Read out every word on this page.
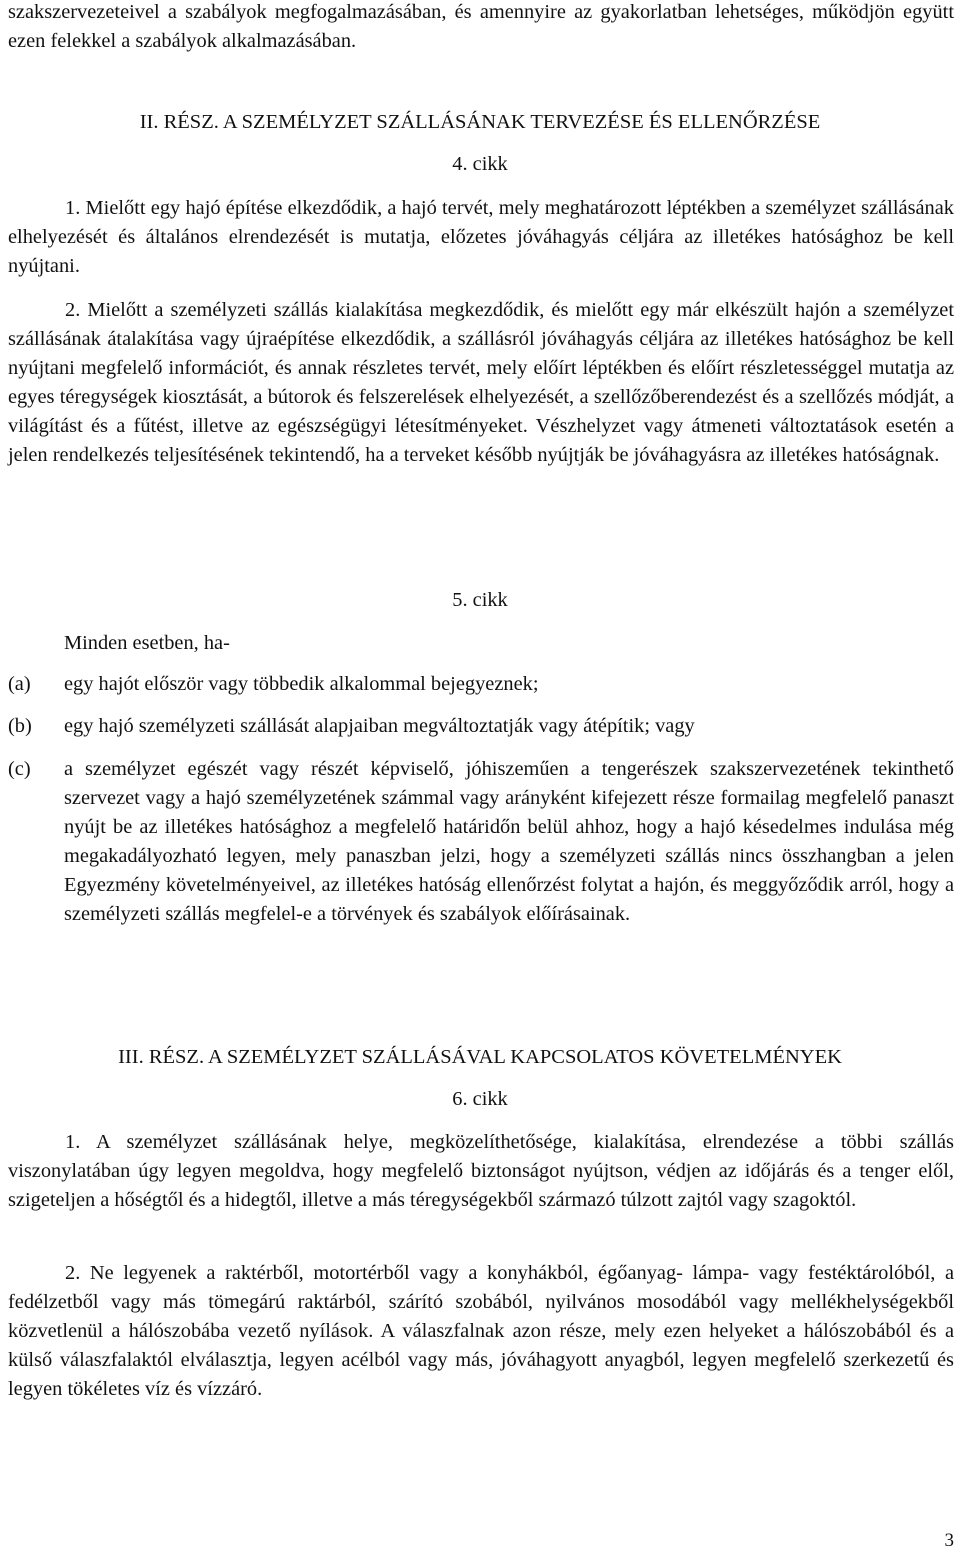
szakszervezeteivel a szabályok megfogalmazásában, és amennyire az gyakorlatban lehetséges, működjön együtt ezen felekkel a szabályok alkalmazásában.
II. RÉSZ. A SZEMÉLYZET SZÁLLÁSÁNAK TERVEZÉSE ÉS ELLENŐRZÉSE
4. cikk
1. Mielőtt egy hajó építése elkezdődik, a hajó tervét, mely meghatározott léptékben a személyzet szállásának elhelyezését és általános elrendezését is mutatja, előzetes jóváhagyás céljára az illetékes hatósághoz be kell nyújtani.
2. Mielőtt a személyzeti szállás kialakítása megkezdődik, és mielőtt egy már elkészült hajón a személyzet szállásának átalakítása vagy újraépítése elkezdődik, a szállásról jóváhagyás céljára az illetékes hatósághoz be kell nyújtani megfelelő információt, és annak részletes tervét, mely előírt léptékben és előírt részletességgel mutatja az egyes téregységek kiosztását, a bútorok és felszerelések elhelyezését, a szellőzőberendezést és a szellőzés módját, a világítást és a fűtést, illetve az egészségügyi létesítményeket. Vészhelyzet vagy átmeneti változtatások esetén a jelen rendelkezés teljesítésének tekintendő, ha a terveket később nyújtják be jóváhagyásra az illetékes hatóságnak.
5. cikk
Minden esetben, ha-
(a) egy hajót először vagy többedik alkalommal bejegyeznek;
(b) egy hajó személyzeti szállását alapjaiban megváltoztatják vagy átépítik; vagy
(c) a személyzet egészét vagy részét képviselő, jóhiszeműen a tengerészek szakszervezetének tekinthető szervezet vagy a hajó személyzetének számmal vagy arányként kifejezett része formailag megfelelő panaszt nyújt be az illetékes hatósághoz a megfelelő határidőn belül ahhoz, hogy a hajó késedelmes indulása még megakadályozható legyen, mely panaszban jelzi, hogy a személyzeti szállás nincs összhangban a jelen Egyezmény követelményeivel, az illetékes hatóság ellenőrzést folytat a hajón, és meggyőződik arról, hogy a személyzeti szállás megfelel-e a törvények és szabályok előírásainak.
III. RÉSZ. A SZEMÉLYZET SZÁLLÁSÁVAL KAPCSOLATOS KÖVETELMÉNYEK
6. cikk
1. A személyzet szállásának helye, megközelíthetősége, kialakítása, elrendezése a többi szállás viszonylatában úgy legyen megoldva, hogy megfelelő biztonságot nyújtson, védjen az időjárás és a tenger elől, szigeteljen a hőségtől és a hidegtől, illetve a más téregységekből származó túlzott zajtól vagy szagoktól.
2. Ne legyenek a raktérből, motortérből vagy a konyhákból, égőanyag- lámpa- vagy festéktárolóból, a fedélzetből vagy más tömegárú raktárból, szárító szobából, nyilvános mosodából vagy mellékhelységekből közvetlenül a hálószobába vezető nyílások. A válaszfalnak azon része, mely ezen helyeket a hálószobából és a külső válaszfalaktól elválasztja, legyen acélból vagy más, jóváhagyott anyagból, legyen megfelelő szerkezetű és legyen tökéletes víz és vízzáró.
3
